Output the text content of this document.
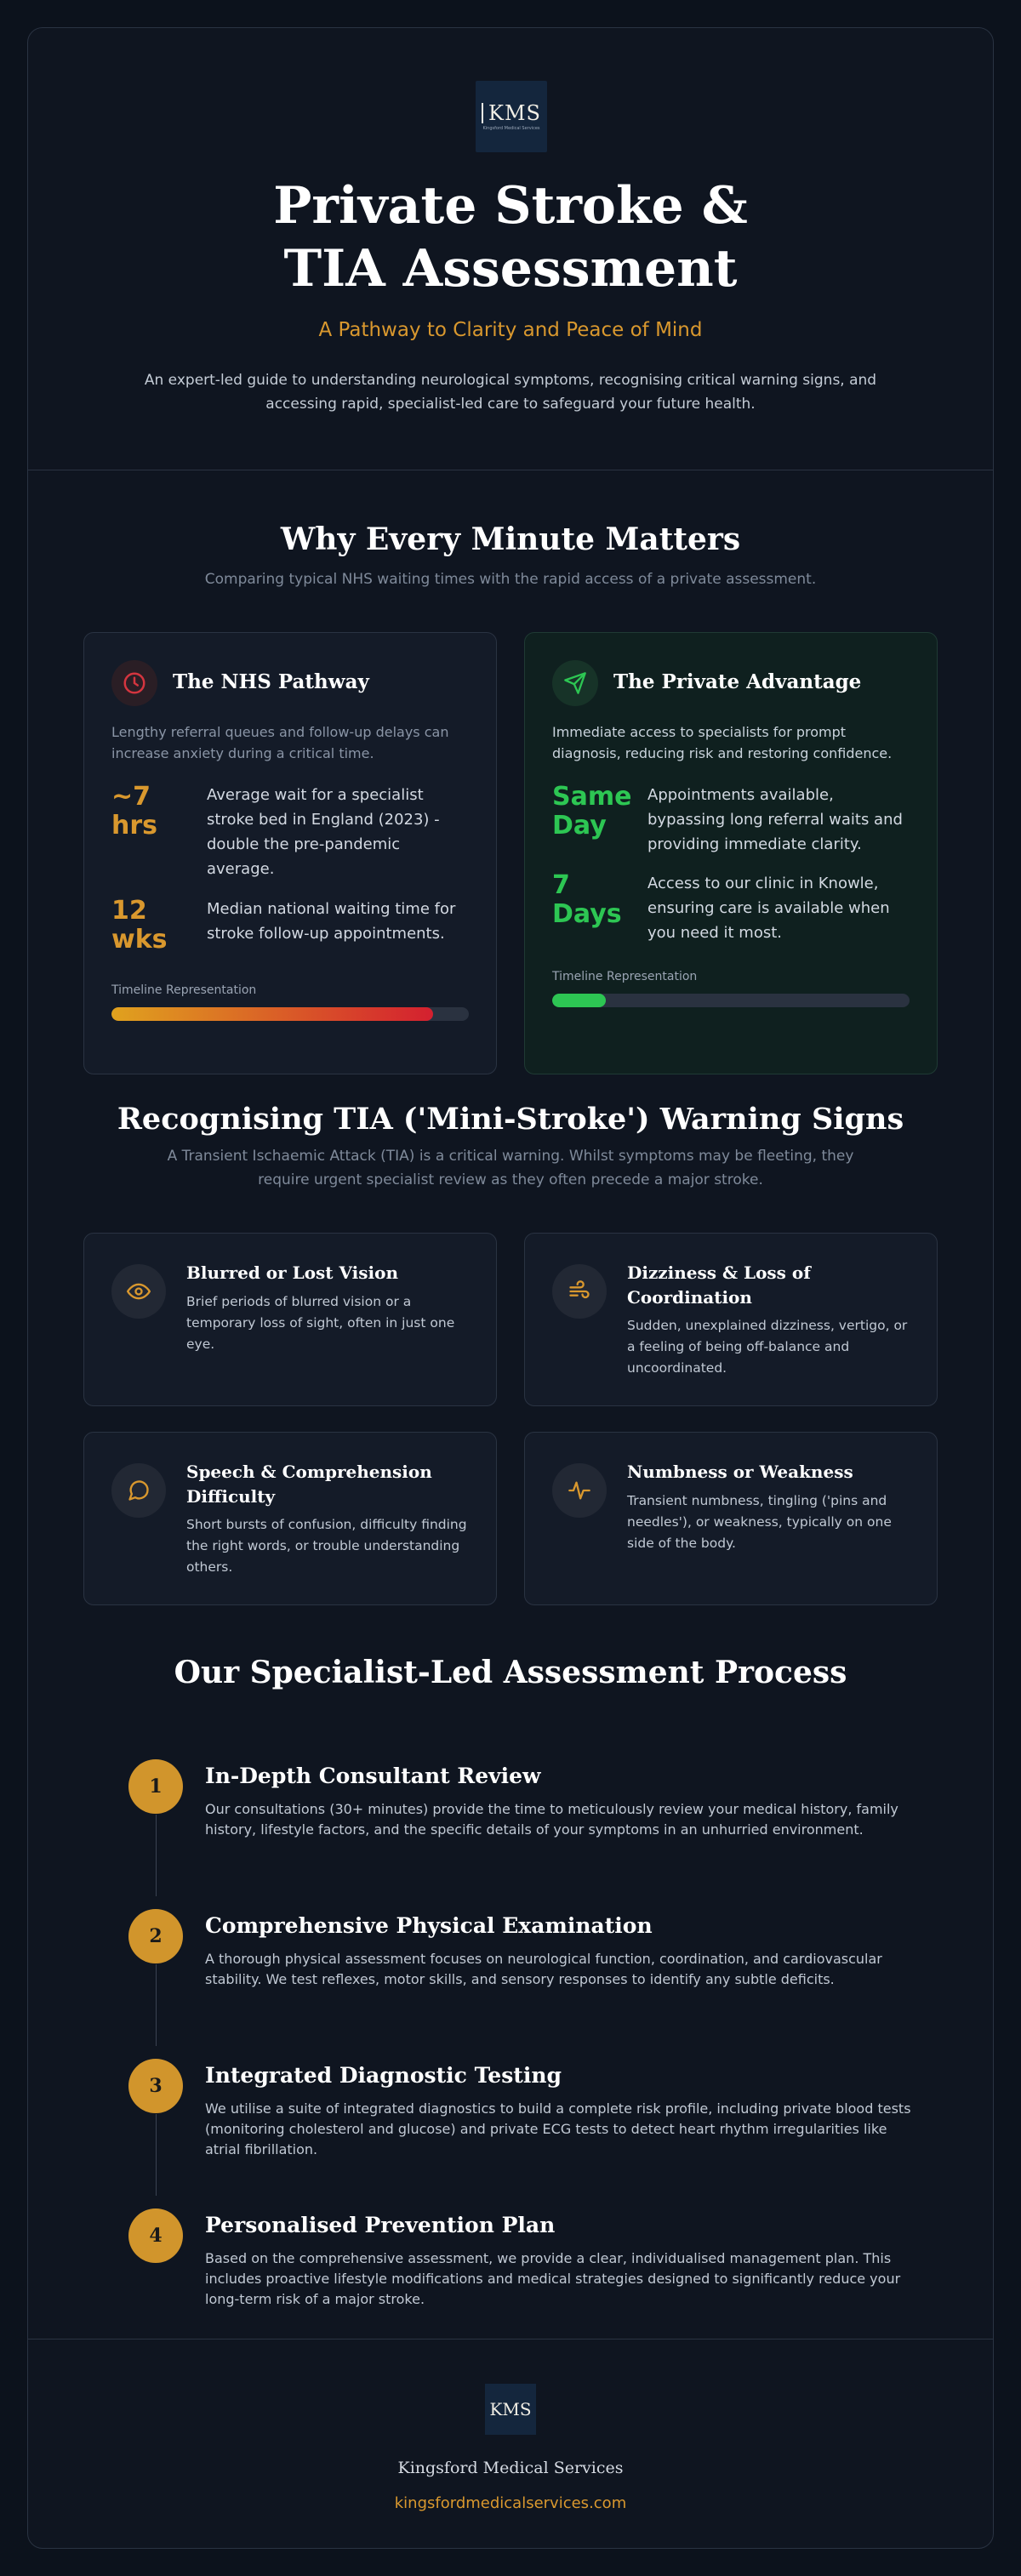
KMS
Kingsford Medical Services
Private Stroke & TIA Assessment
A Pathway to Clarity and Peace of Mind

An expert-led guide to understanding neurological symptoms, recognising critical warning signs, and accessing rapid, specialist-led care to safeguard your future health.

Why Every Minute Matters

Comparing typical NHS waiting times with the rapid access of a private assessment.

The NHS Pathway
Lengthy referral queues and follow-up delays can increase anxiety during a critical time.
~7 hrs
Average wait for a specialist stroke bed in England (2023) - double the pre-pandemic average.
12 wks
Median national waiting time for stroke follow-up appointments.
Timeline Representation
The Private Advantage
Immediate access to specialists for prompt diagnosis, reducing risk and restoring confidence.
Same Day
Appointments available, bypassing long referral waits and providing immediate clarity.
7 Days
Access to our clinic in Knowle, ensuring care is available when you need it most.
Timeline Representation
Recognising TIA ('Mini-Stroke') Warning Signs

A Transient Ischaemic Attack (TIA) is a critical warning. Whilst symptoms may be fleeting, they require urgent specialist review as they often precede a major stroke.

Blurred or Lost Vision
Brief periods of blurred vision or a temporary loss of sight, often in just one eye.
Dizziness & Loss of Coordination
Sudden, unexplained dizziness, vertigo, or a feeling of being off-balance and uncoordinated.
Speech & Comprehension Difficulty
Short bursts of confusion, difficulty finding the right words, or trouble understanding others.
Numbness or Weakness
Transient numbness, tingling ('pins and needles'), or weakness, typically on one side of the body.
Our Specialist-Led Assessment Process
1	In-Depth Consultant Review
Our consultations (30+ minutes) provide the time to meticulously review your medical history, family history, lifestyle factors, and the specific details of your symptoms in an unhurried environment.
2	Comprehensive Physical Examination
A thorough physical assessment focuses on neurological function, coordination, and cardiovascular stability. We test reflexes, motor skills, and sensory responses to identify any subtle deficits.
3	Integrated Diagnostic Testing
We utilise a suite of integrated diagnostics to build a complete risk profile, including private blood tests (monitoring cholesterol and glucose) and private ECG tests to detect heart rhythm irregularities like atrial fibrillation.
4	Personalised Prevention Plan
Based on the comprehensive assessment, we provide a clear, individualised management plan. This includes proactive lifestyle modifications and medical strategies designed to significantly reduce your long-term risk of a major stroke.
KMS
Kingsford Medical Services
kingsfordmedicalservices.com
